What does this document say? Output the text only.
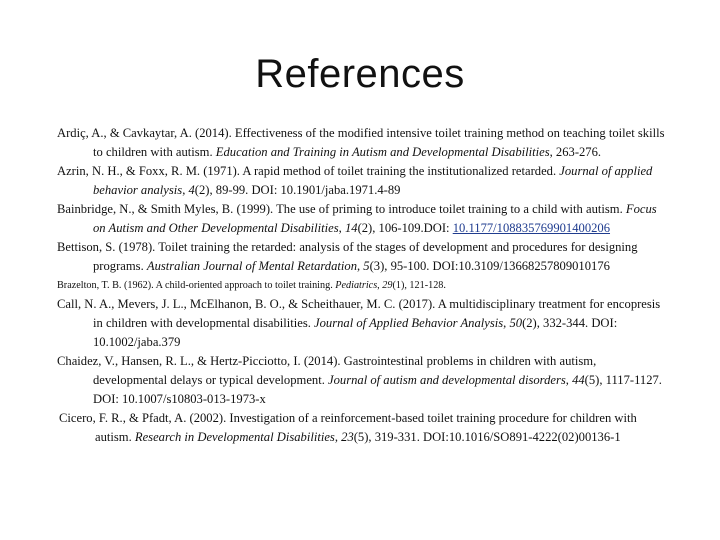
References

Ardiç, A., & Cavkaytar, A. (2014). Effectiveness of the modified intensive toilet training method on teaching toilet skills to children with autism. Education and Training in Autism and Developmental Disabilities, 263-276.

Azrin, N. H., & Foxx, R. M. (1971). A rapid method of toilet training the institutionalized retarded. Journal of applied behavior analysis, 4(2), 89-99. DOI: 10.1901/jaba.1971.4-89

Bainbridge, N., & Smith Myles, B. (1999). The use of priming to introduce toilet training to a child with autism. Focus on Autism and Other Developmental Disabilities, 14(2), 106-109.DOI: 10.1177/108835769901400206

Bettison, S. (1978). Toilet training the retarded: analysis of the stages of development and procedures for designing programs. Australian Journal of Mental Retardation, 5(3), 95-100. DOI:10.3109/13668257809010176

Brazelton, T. B. (1962). A child-oriented approach to toilet training. Pediatrics, 29(1), 121-128.

Call, N. A., Mevers, J. L., McElhanon, B. O., & Scheithauer, M. C. (2017). A multidisciplinary treatment for encopresis in children with developmental disabilities. Journal of Applied Behavior Analysis, 50(2), 332-344. DOI: 10.1002/jaba.379

Chaidez, V., Hansen, R. L., & Hertz-Picciotto, I. (2014). Gastrointestinal problems in children with autism, developmental delays or typical development. Journal of autism and developmental disorders, 44(5), 1117-1127. DOI: 10.1007/s10803-013-1973-x

Cicero, F. R., & Pfadt, A. (2002). Investigation of a reinforcement-based toilet training procedure for children with autism. Research in Developmental Disabilities, 23(5), 319-331. DOI:10.1016/SO891-4222(02)00136-1
